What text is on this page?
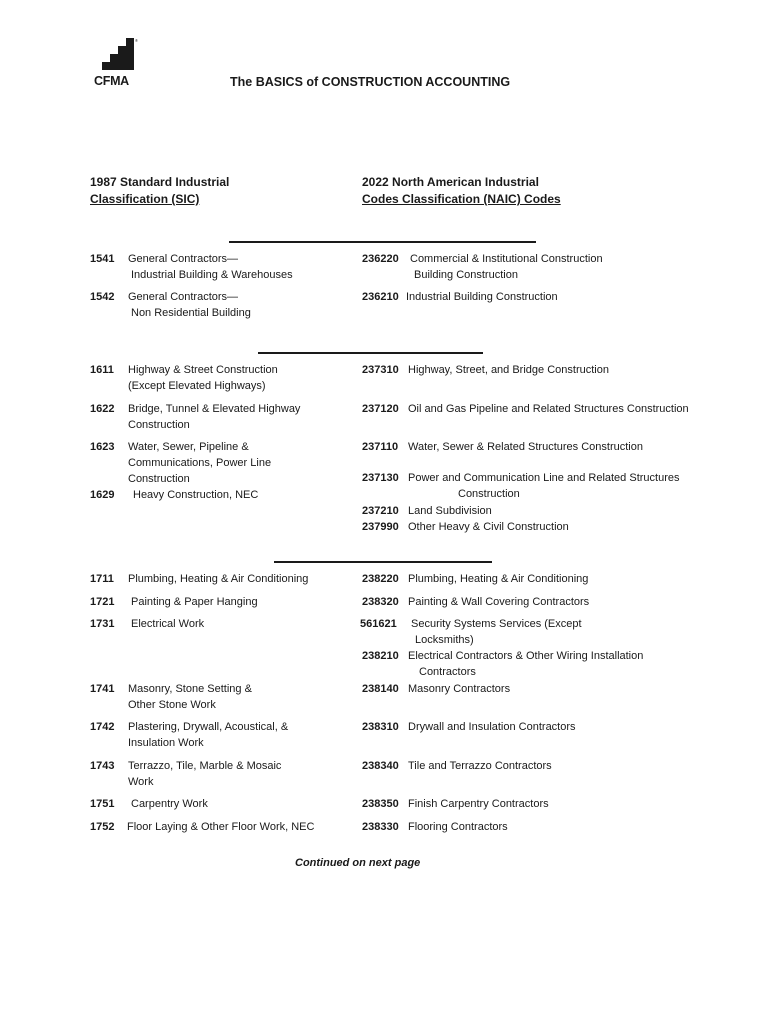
®
CFMA	The BASICS of CONSTRUCTION ACCOUNTING
1987 Standard Industrial
Classification (SIC)
2022 North American Industrial
Codes Classification (NAIC) Codes
1541 General Contractors—
Industrial Building & Warehouses
1542 General Contractors—
Non Residential Building
236220 Commercial & Institutional Construction
Building Construction
236210 Industrial Building Construction
1611 Highway & Street Construction
(Except Elevated Highways)
1622 Bridge, Tunnel & Elevated Highway
Construction
1623 Water, Sewer, Pipeline &
Communications, Power Line
Construction
1629 Heavy Construction, NEC
237310 Highway, Street, and Bridge Construction
237120 Oil and Gas Pipeline and Related Structures Construction
237110 Water, Sewer & Related Structures Construction
237130 Power and Communication Line and Related Structures
Construction
237210 Land Subdivision
237990 Other Heavy & Civil Construction
1711 Plumbing, Heating & Air Conditioning
1721 Painting & Paper Hanging
1731 Electrical Work
1741 Masonry, Stone Setting &
Other Stone Work
1742 Plastering, Drywall, Acoustical, &
Insulation Work
1743 Terrazzo, Tile, Marble & Mosaic
Work
1751 Carpentry Work
1752 Floor Laying & Other Floor Work, NEC
238220 Plumbing, Heating & Air Conditioning
238320 Painting & Wall Covering Contractors
561621 Security Systems Services (Except
Locksmiths)
238210 Electrical Contractors & Other Wiring Installation
Contractors
238140 Masonry Contractors
238310 Drywall and Insulation Contractors
238340 Tile and Terrazzo Contractors
238350 Finish Carpentry Contractors
238330 Flooring Contractors
Continued on next page
